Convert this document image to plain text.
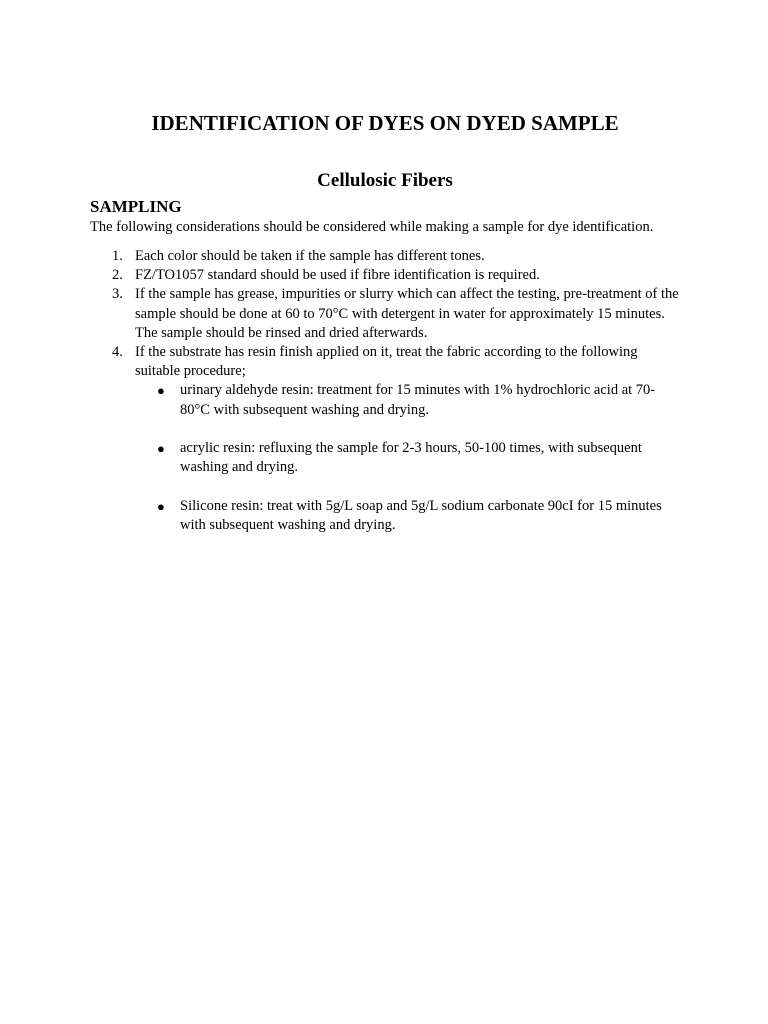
IDENTIFICATION OF DYES ON DYED SAMPLE
Cellulosic Fibers
SAMPLING

The following considerations should be considered while making a sample for dye identification.

1. Each color should be taken if the sample has different tones.
2. FZ/TO1057 standard should be used if fibre identification is required.
3. If the sample has grease, impurities or slurry which can affect the testing, pre-treatment of the sample should be done at 60 to 70°C with detergent in water for approximately 15 minutes. The sample should be rinsed and dried afterwards.
4. If the substrate has resin finish applied on it, treat the fabric according to the following suitable procedure;
● urinary aldehyde resin: treatment for 15 minutes with 1% hydrochloric acid at 70-80°C with subsequent washing and drying.
● acrylic resin: refluxing the sample for 2-3 hours, 50-100 times, with subsequent washing and drying.
● Silicone resin: treat with 5g/L soap and 5g/L sodium carbonate 90cI for 15 minutes with subsequent washing and drying.
